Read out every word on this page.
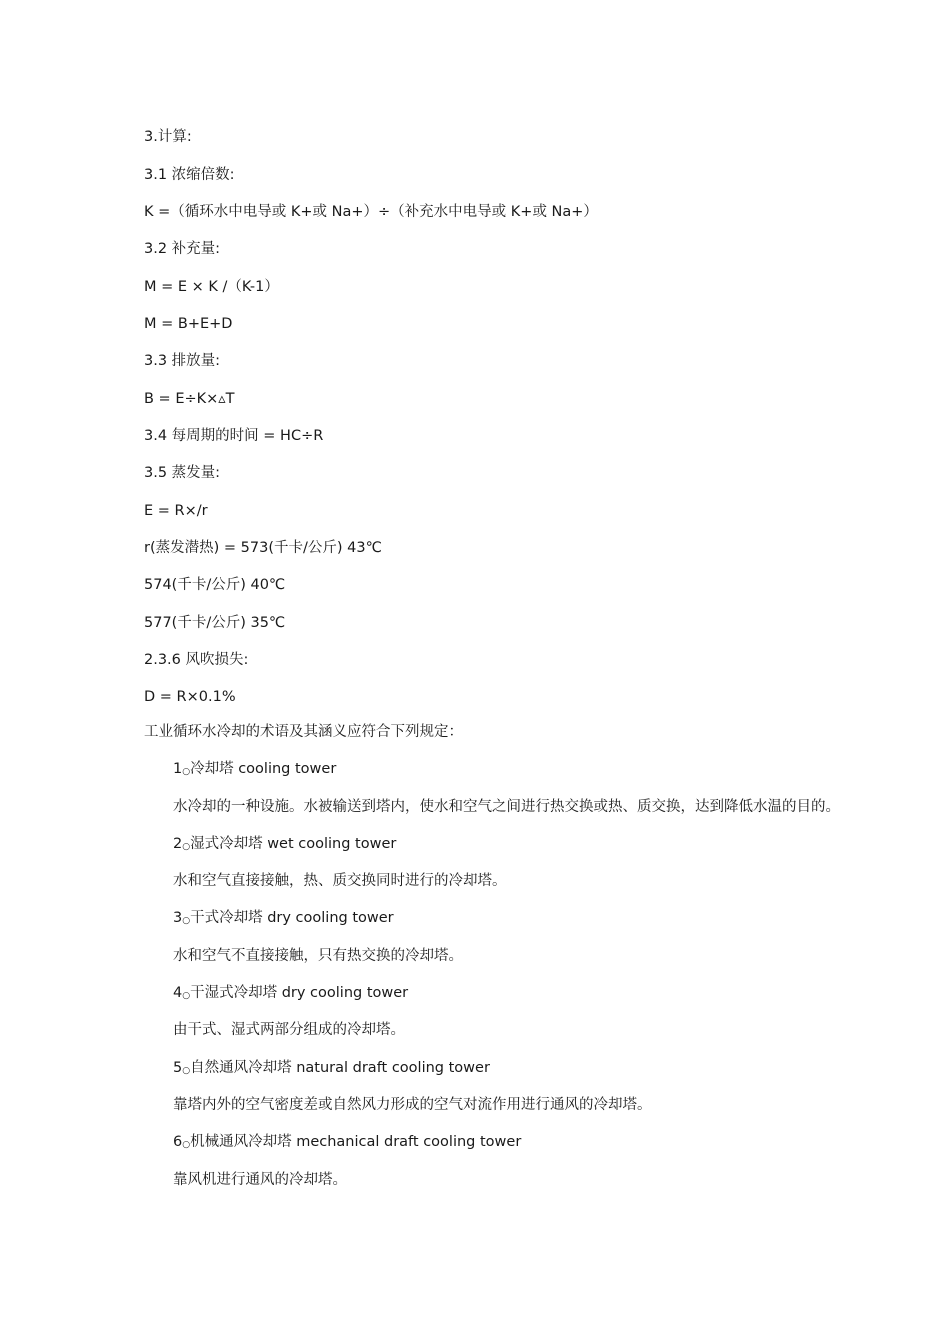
3.计算:
3.1 浓缩倍数:
K =（循环水中电导或 K+或 Na+）÷（补充水中电导或 K+或 Na+）
3.2 补充量:
M = E × K /（K-1）
M = B+E+D
3.3 排放量:
B = E÷K×▵T
3.4 每周期的时间 = HC÷R
3.5 蒸发量:
E = R×/r
r(蒸发潜热) = 573(千卡/公斤) 43℃
574(千卡/公斤) 40℃
577(千卡/公斤) 35℃
2.3.6 风吹损失:
D = R×0.1%
工业循环水冷却的术语及其涵义应符合下列规定：
1○冷却塔 cooling tower
水冷却的一种设施。水被输送到塔内，使水和空气之间进行热交换或热、质交换，达到降低水温的目的。
2○湿式冷却塔 wet cooling tower
水和空气直接接触，热、质交换同时进行的冷却塔。
3○干式冷却塔 dry cooling tower
水和空气不直接接触，只有热交换的冷却塔。
4○干湿式冷却塔 dry cooling tower
由干式、湿式两部分组成的冷却塔。
5○自然通风冷却塔 natural draft cooling tower
靠塔内外的空气密度差或自然风力形成的空气对流作用进行通风的冷却塔。
6○机械通风冷却塔 mechanical draft cooling tower
靠风机进行通风的冷却塔。
